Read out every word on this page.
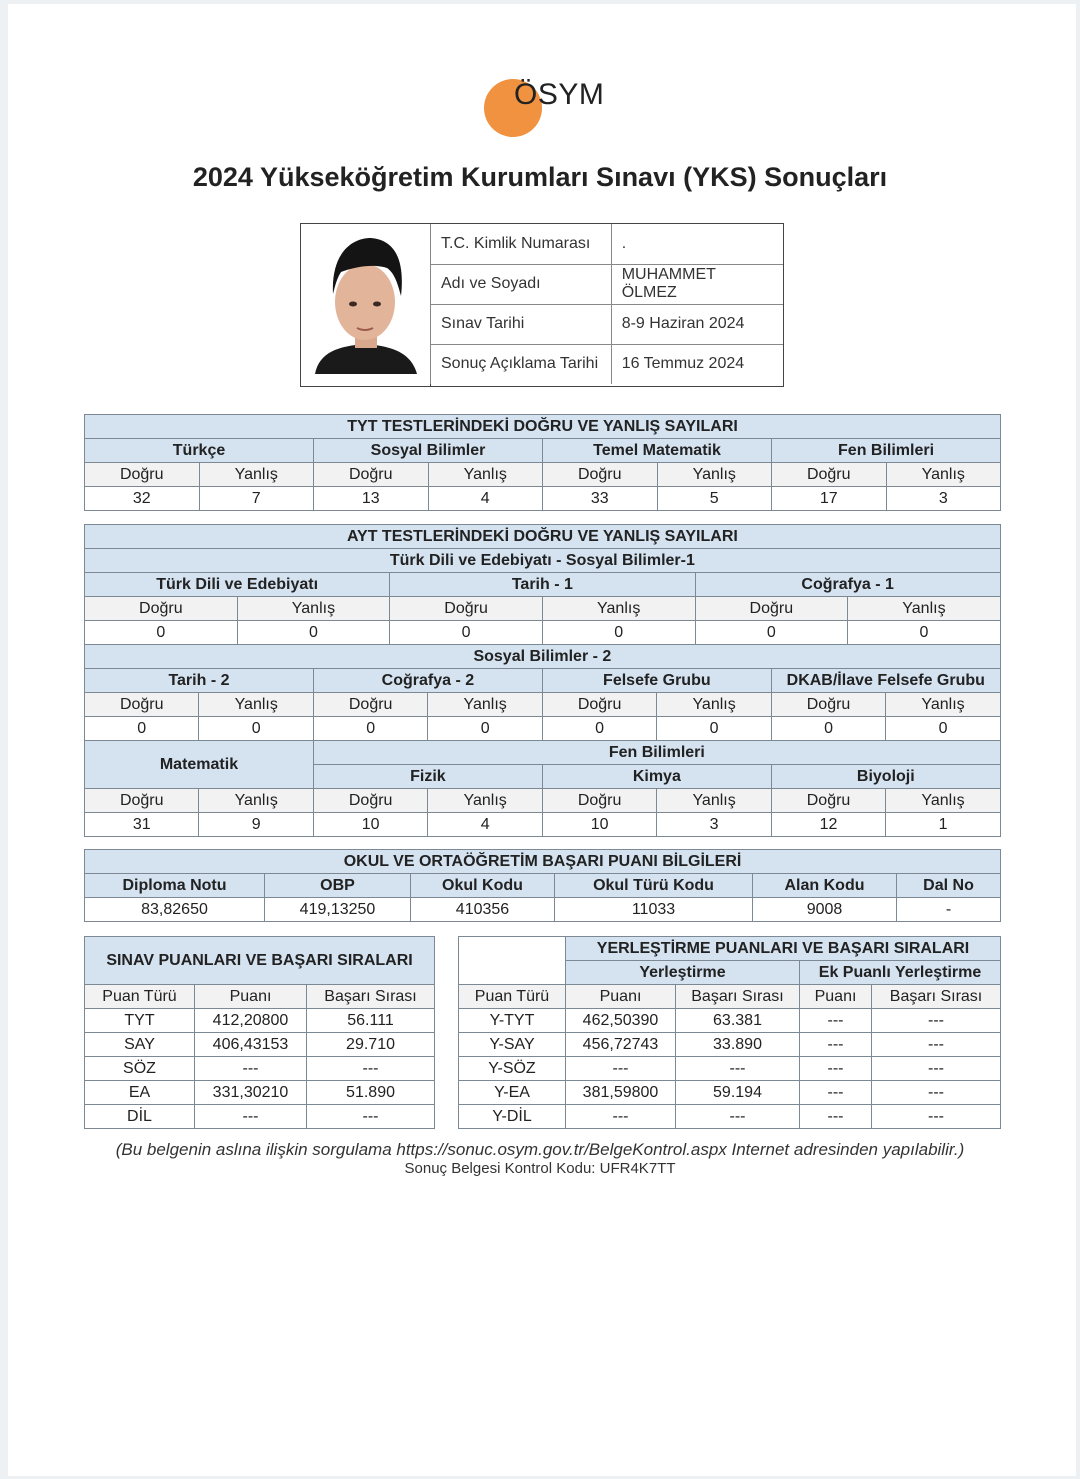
ÖSYM
2024 Yükseköğretim Kurumları Sınavı (YKS) Sonuçları
T.C. Kimlik Numarası	.
Adı ve Soyadı	MUHAMMET ÖLMEZ
Sınav Tarihi	8-9 Haziran 2024
Sonuç Açıklama Tarihi	16 Temmuz 2024
TYT TESTLERİNDEKİ DOĞRU VE YANLIŞ SAYILARI							
Türkçe		Sosyal Bilimler		Temel Matematik		Fen Bilimleri	
Doğru	Yanlış	Doğru	Yanlış	Doğru	Yanlış	Doğru	Yanlış
32	7	13	4	33	5	17	3
AYT TESTLERİNDEKİ DOĞRU VE YANLIŞ SAYILARI											
Türk Dili ve Edebiyatı - Sosyal Bilimler-1											
Türk Dili ve Edebiyatı				Tarih - 1				Coğrafya - 1			
Doğru		Yanlış		Doğru		Yanlış		Doğru		Yanlış	
0		0		0		0		0		0	
Sosyal Bilimler - 2											
Tarih - 2			Coğrafya - 2			Felsefe Grubu			DKAB/İlave Felsefe Grubu		
Doğru	Yanlış		Doğru		Yanlış	Doğru	Yanlış		Doğru		Yanlış
0	0		0		0	0	0		0		0
Matematik			Fen Bilimleri								
			Fizik			Kimya			Biyoloji		
Doğru	Yanlış		Doğru		Yanlış	Doğru	Yanlış		Doğru		Yanlış
31	9		10		4	10	3		12		1
OKUL VE ORTAÖĞRETİM BAŞARI PUANI BİLGİLERİ					
Diploma Notu	OBP	Okul Kodu	Okul Türü Kodu	Alan Kodu	Dal No
83,82650	419,13250	410356	11033	9008	-
SINAV PUANLARI VE BAŞARI SIRALARI		
Puan Türü	Puanı	Başarı Sırası
TYT	412,20800	56.111
SAY	406,43153	29.710
SÖZ	---	---
EA	331,30210	51.890
DİL	---	---
	YERLEŞTİRME PUANLARI VE BAŞARI SIRALARI			
	Yerleştirme		Ek Puanlı Yerleştirme	
Puan Türü	Puanı	Başarı Sırası	Puanı	Başarı Sırası
Y-TYT	462,50390	63.381	---	---
Y-SAY	456,72743	33.890	---	---
Y-SÖZ	---	---	---	---
Y-EA	381,59800	59.194	---	---
Y-DİL	---	---	---	---
(Bu belgenin aslına ilişkin sorgulama https://sonuc.osym.gov.tr/BelgeKontrol.aspx Internet adresinden yapılabilir.)
Sonuç Belgesi Kontrol Kodu: UFR4K7TT
